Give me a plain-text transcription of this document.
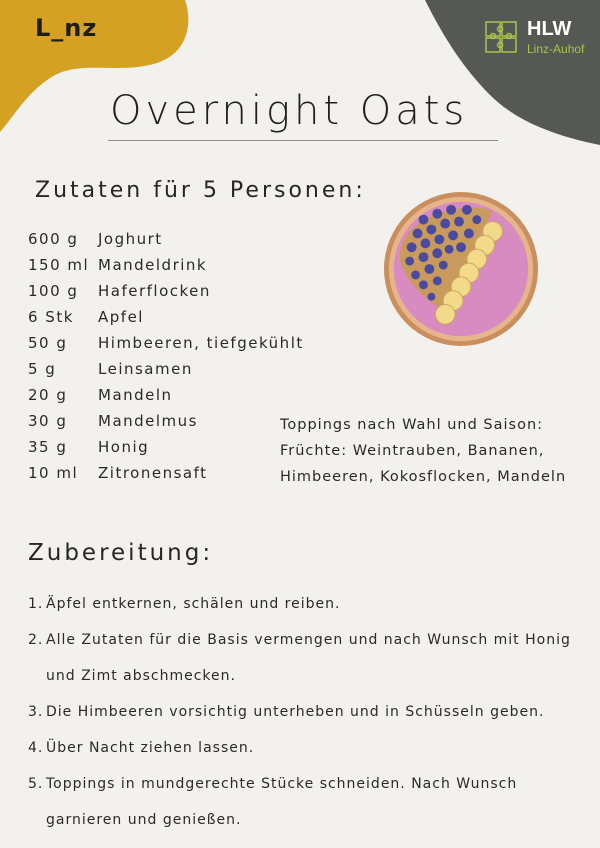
L_nz	HLW
Linz-Auhof
Overnight Oats
Zutaten für 5 Personen:
600 g Joghurt
150 ml Mandeldrink
100 g Haferflocken
6 Stk Apfel
50 g Himbeeren, tiefgekühlt
5 g	Leinsamen
20 g Mandeln
30 g Mandelmus
35 g Honig
10 ml Zitronensaft
Toppings nach Wahl und Saison:
Früchte: Weintrauben, Bananen,
Himbeeren, Kokosflocken, Mandeln
Zubereitung:
1. Äpfel entkernen, schälen und reiben.
2. Alle Zutaten für die Basis vermengen und nach Wunsch mit Honig und Zimt abschmecken.
3. Die Himbeeren vorsichtig unterheben und in Schüsseln geben.
4. Über Nacht ziehen lassen.
5. Toppings in mundgerechte Stücke schneiden. Nach Wunsch garnieren und genießen.
